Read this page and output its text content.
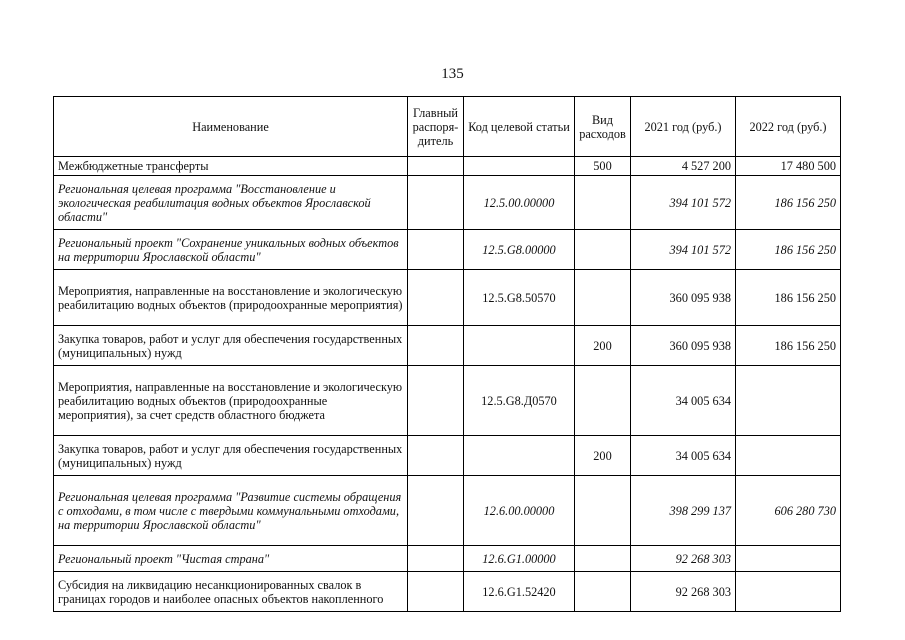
135
Наименование	Главный распоря-дитель	Код целевой статьи	Вид расходов	2021 год (руб.)	2022 год (руб.)
Межбюджетные трансферты			500	4 527 200	17 480 500
Региональная целевая программа "Восстановление и экологическая реабилитация водных объектов Ярославской области"		12.5.00.00000		394 101 572	186 156 250
Региональный проект "Сохранение уникальных водных объектов на территории Ярославской области"		12.5.G8.00000		394 101 572	186 156 250
Мероприятия, направленные на восстановление и экологическую реабилитацию водных объектов (природоохранные мероприятия)		12.5.G8.50570		360 095 938	186 156 250
Закупка товаров, работ и услуг для обеспечения государственных (муниципальных) нужд			200	360 095 938	186 156 250
Мероприятия, направленные на восстановление и экологическую реабилитацию водных объектов (природоохранные мероприятия), за счет средств областного бюджета		12.5.G8.Д0570		34 005 634	
Закупка товаров, работ и услуг для обеспечения государственных (муниципальных) нужд			200	34 005 634	
Региональная целевая программа "Развитие системы обращения с отходами, в том числе с твердыми коммунальными отходами, на территории Ярославской области"		12.6.00.00000		398 299 137	606 280 730
Региональный проект "Чистая страна"		12.6.G1.00000		92 268 303	
Субсидия на ликвидацию несанкционированных свалок в границах городов и наиболее опасных объектов накопленного		12.6.G1.52420		92 268 303	
